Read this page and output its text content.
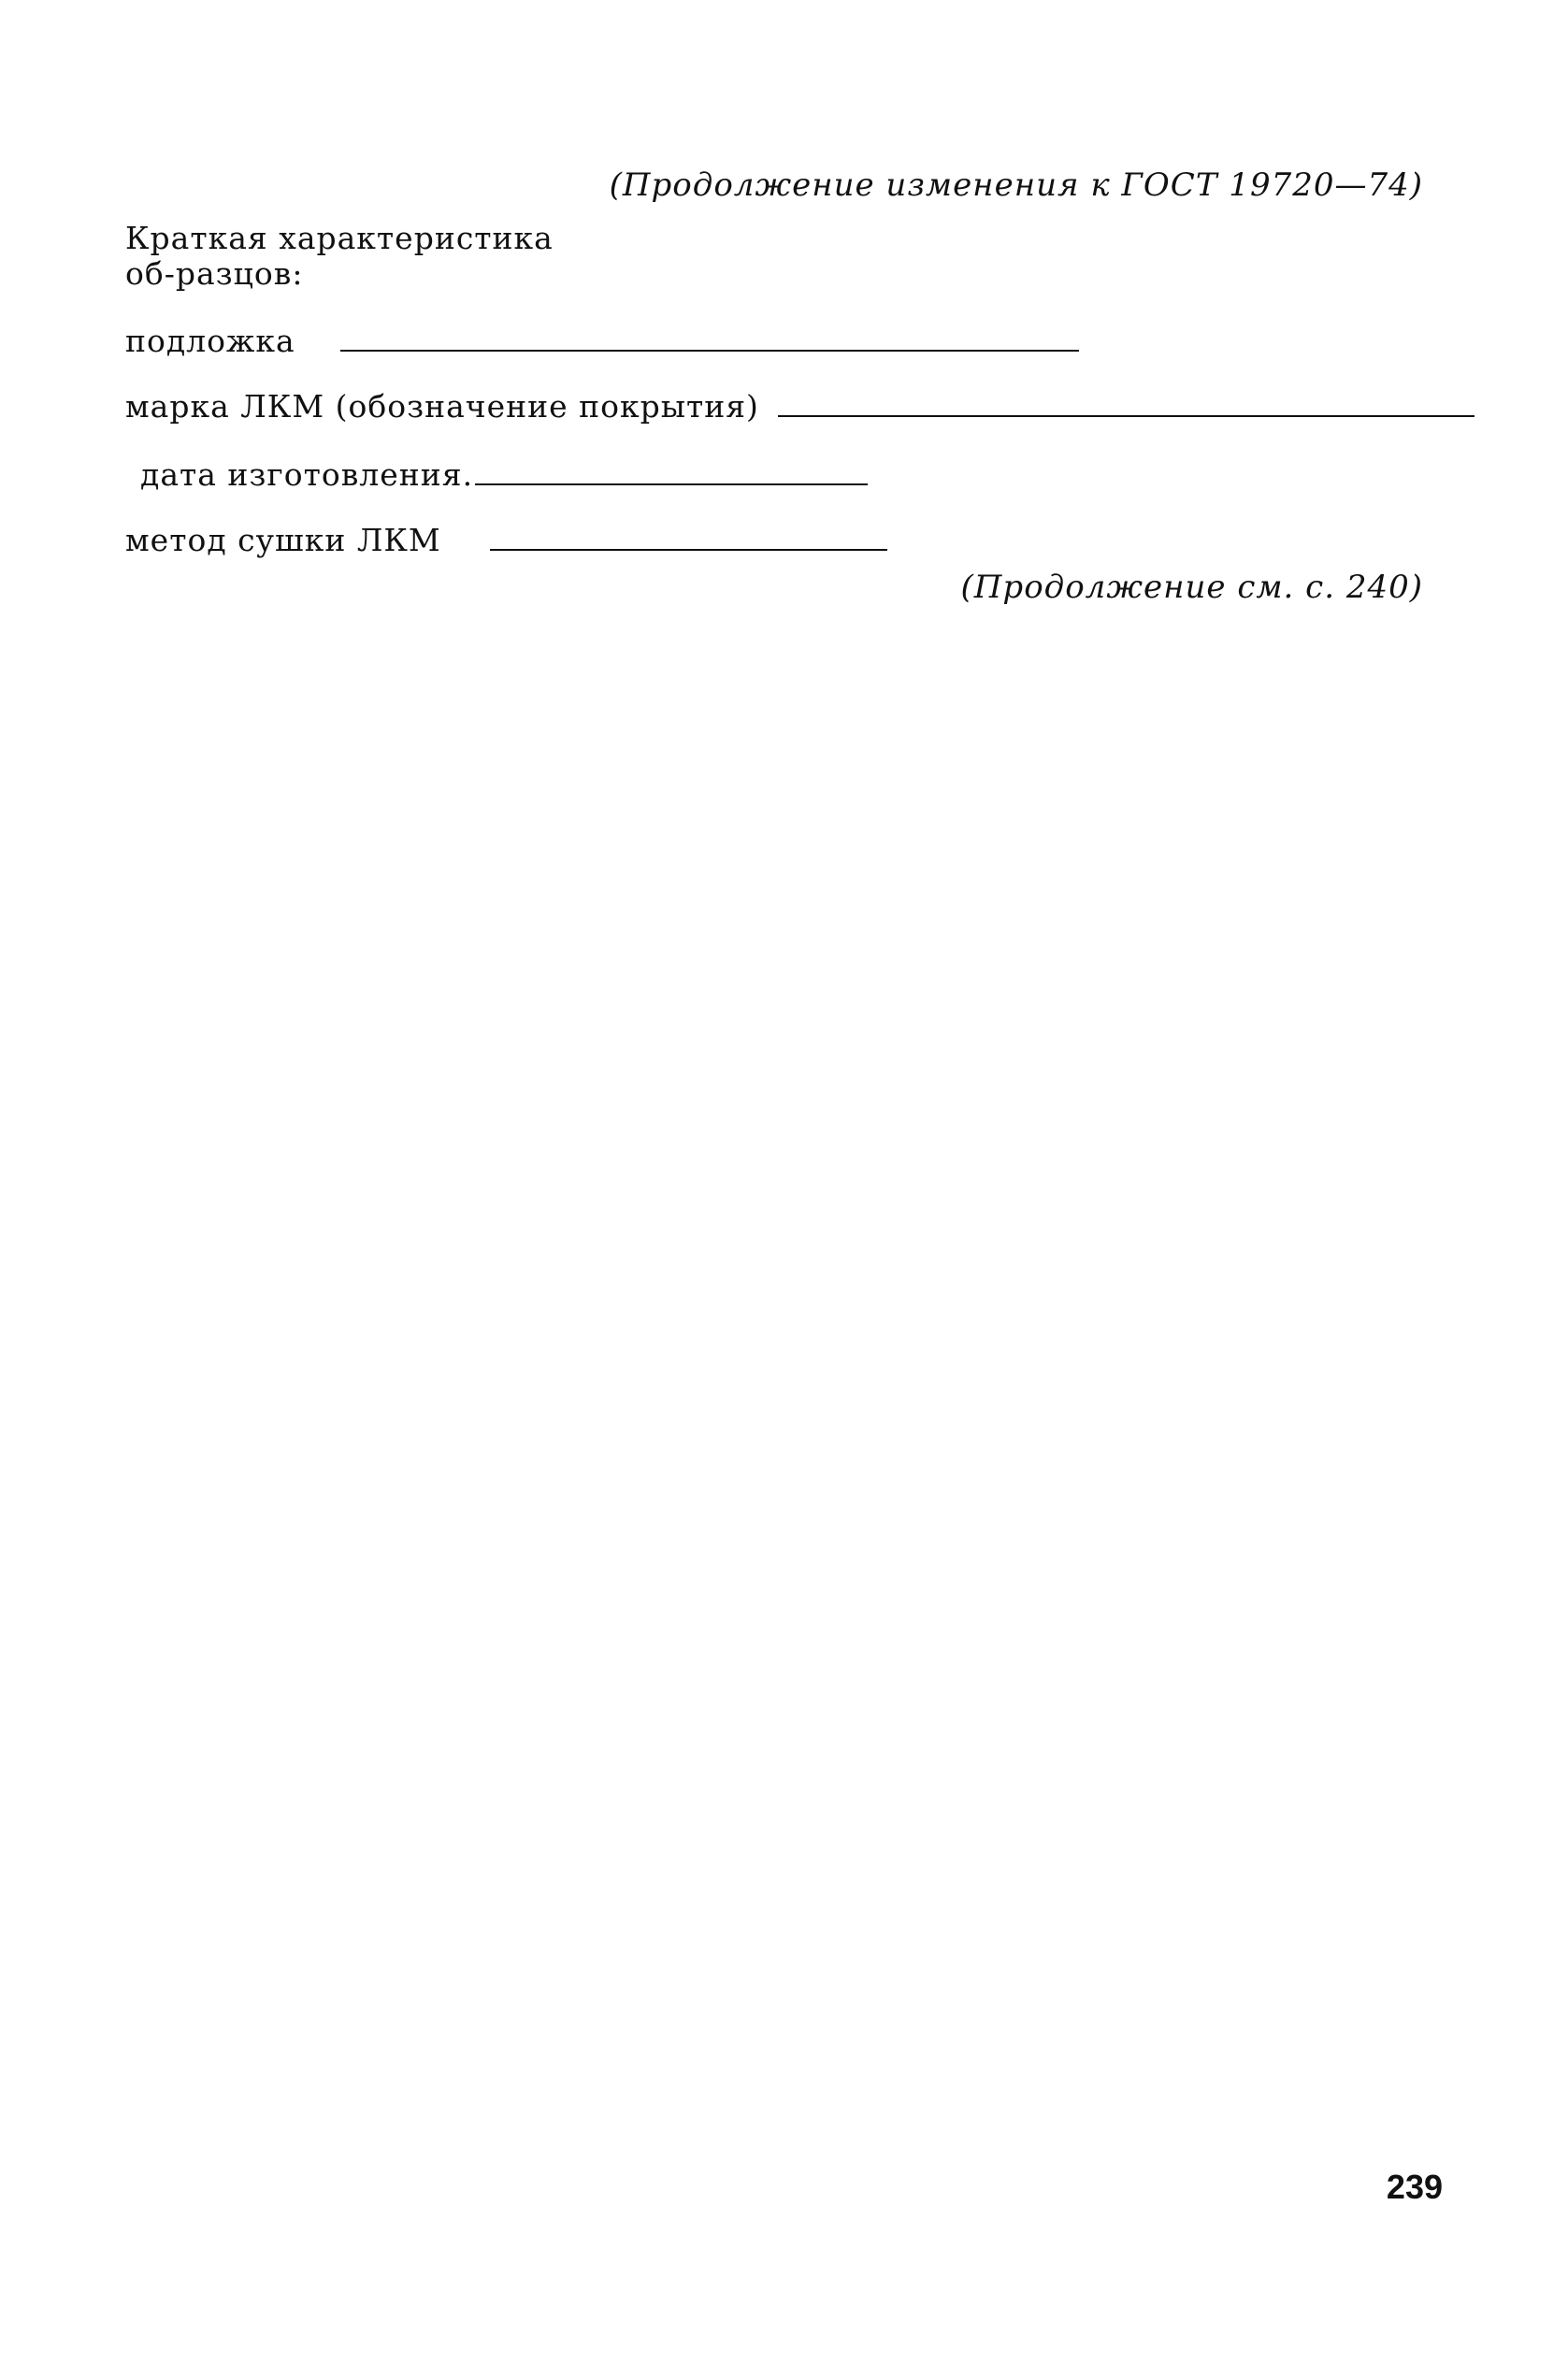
(Продолжение изменения к ГОСТ 19720—74)
Краткая характеристика об-разцов:
подложка
марка ЛКМ (обозначение покрытия)
дата изготовления.
метод сушки ЛКМ
(Продолжение см. с. 240)
239
